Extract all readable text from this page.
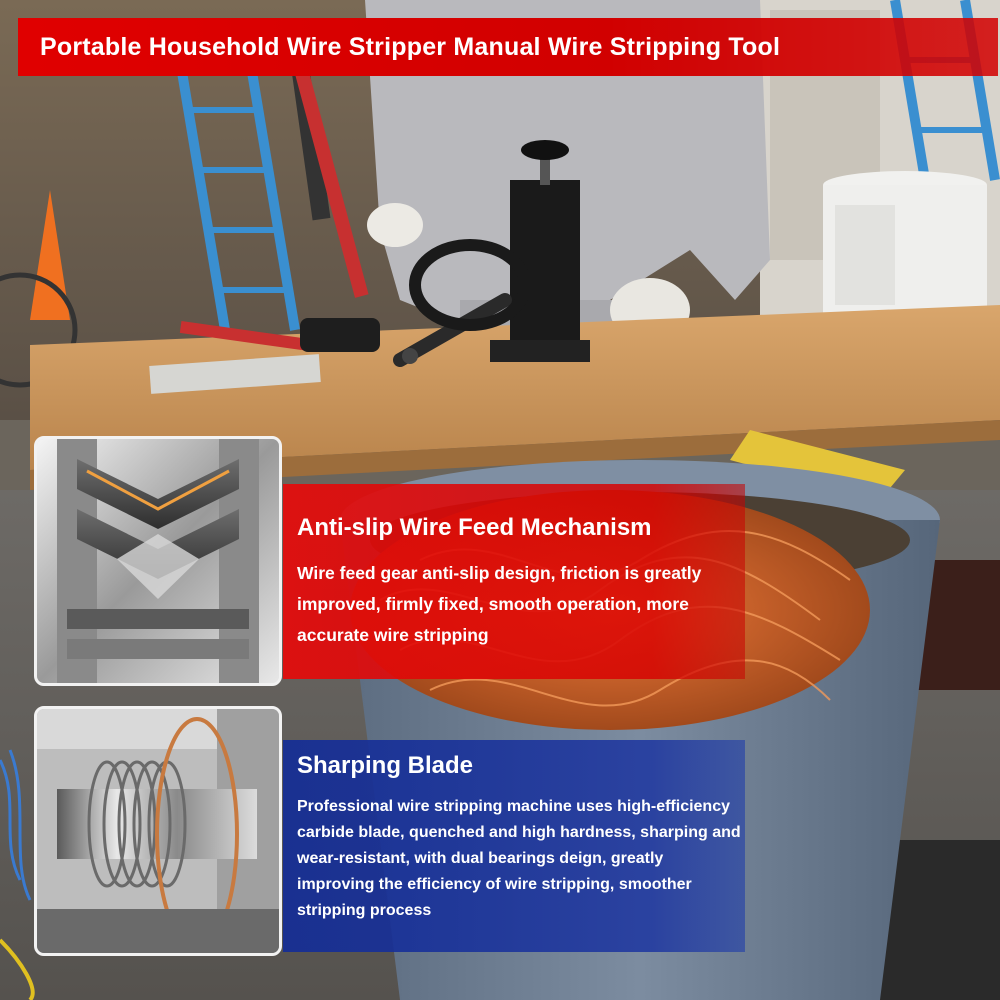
Portable Household Wire Stripper Manual Wire Stripping Tool
Anti-slip Wire Feed Mechanism

Wire feed gear anti-slip design, friction is greatly improved, firmly fixed, smooth operation, more accurate wire stripping

Sharping Blade

Professional wire stripping machine uses high-efficiency carbide blade, quenched and high hardness, sharping and wear-resistant, with dual bearings deign, greatly improving the efficiency of wire stripping, smoother stripping process
